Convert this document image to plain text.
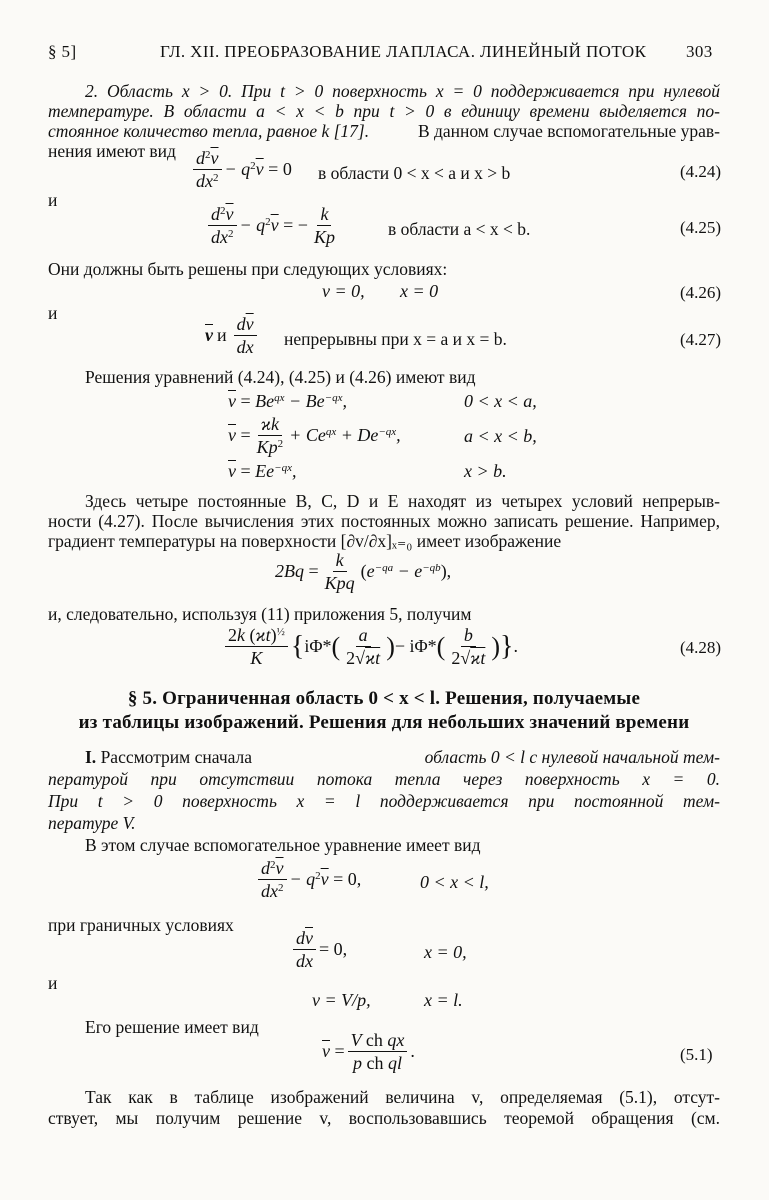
§ 5]	ГЛ. XII. ПРЕОБРАЗОВАНИЕ ЛАПЛАСА. ЛИНЕЙНЫЙ ПОТОК 303
2. Область x > 0. При t > 0 поверхность x = 0 поддерживается при нулевой
температуре. В области a < x < b при t > 0 в единицу времени выделяется по-
стоянное количество тепла, равное k [17].	В данном случае вспомогательные урав-
нения имеют вид $\frac{d^2\overline{v}}{dx^2} - q^2\overline{v} = 0$ в области 0 < x < a и x > b	(4.24)
и
$\frac{d^2\overline{v}}{dx^2} - q^2\overline{v}$ = − $\frac{k}{Kp}$	в области a < x < b.	(4.25)
Они должны быть решены при следующих условиях:
v = 0, x = 0	(4.26)
и
$\overline{v}$ и $\frac{d\overline{v}}{dx}$ непрерывны при x = a и x = b.	(4.27)
Решения уравнений (4.24), (4.25) и (4.26) имеют вид
$\overline{v} = Be^{qx} - Be^{-qx}$,	0 < x < a,
$\overline{v} = \frac{ϰk}{Kp^2} + Ce^{qx} + De^{-qx}$,	a < x < b,
$\overline{v} = Ee^{-qx}$,	x > b.
Здесь четыре постоянные B, C, D и E находят из четырех условий непрерыв-
ности (4.27). После вычисления этих постоянных можно записать решение. Например,
градиент температуры на поверхности [∂v/∂x]ₓ₌₀ имеет изображение
$2Bq = \frac{k}{\text{Kpq}} (e^{-qa} - e^{-qb})$,
и, следовательно, используя (11) приложения 5, получим
$\frac{2k (ϰt)^{\frac{1}{2}}}{K}$ { iΦ* ( $\frac{a}{2√ϰt}$ ) − iΦ* ( $\frac{b}{2√ϰt}$ ) } .	(4.28)
§ 5. Ограниченная область 0 < x < l. Решения, получаемые
из таблицы изображений. Решения для небольших значений времени
I. Рассмотрим сначала	область 0 < l с нулевой начальной тем-
пературой при отсутствии потока тепла через поверхность x = 0.
При t > 0 поверхность x = l поддерживается при постоянной тем-
пературе V.
В этом случае вспомогательное уравнение имеет вид
$\frac{d^2\overline{v}}{dx^2} - q^2\overline{v} = 0$,	0 < x < l,
при граничных условиях
$\frac{d\overline{v}}{dx} = 0$,	x = 0,
и
v = V/p,	x = l.
Его решение имеет вид
$\overline{v} = \frac{\text{V ch qx}}{\text{p ch ql}}$ .	(5.1)
Так как в таблице изображений величина v, определяемая (5.1), отсут-
ствует, мы получим решение v, воспользовавшись теоремой обращения (см.
